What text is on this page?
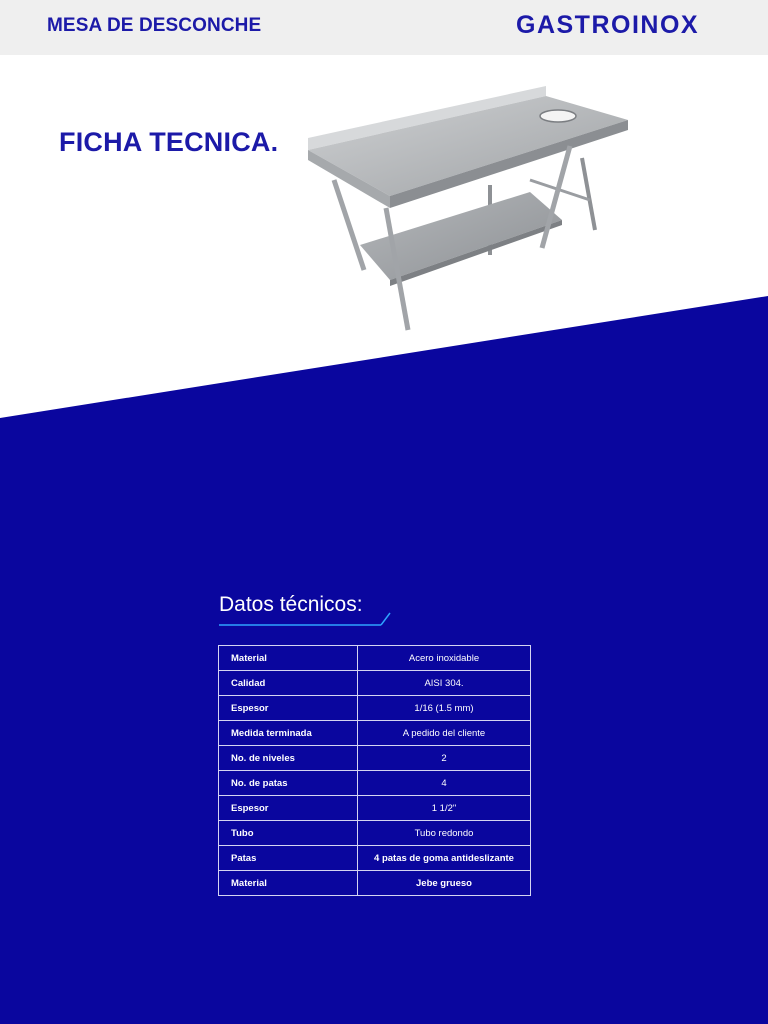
MESA DE DESCONCHE	GASTROINOX
FICHA TECNICA.
Datos técnicos:
Material	Acero inoxidable
Calidad	AISI 304.
Espesor	1/16 (1.5 mm)
Medida terminada	A pedido del cliente
No. de niveles	2
No. de patas	4
Espesor	1 1/2"
Tubo	Tubo redondo
Patas	4 patas de goma antideslizante
Material	Jebe grueso
